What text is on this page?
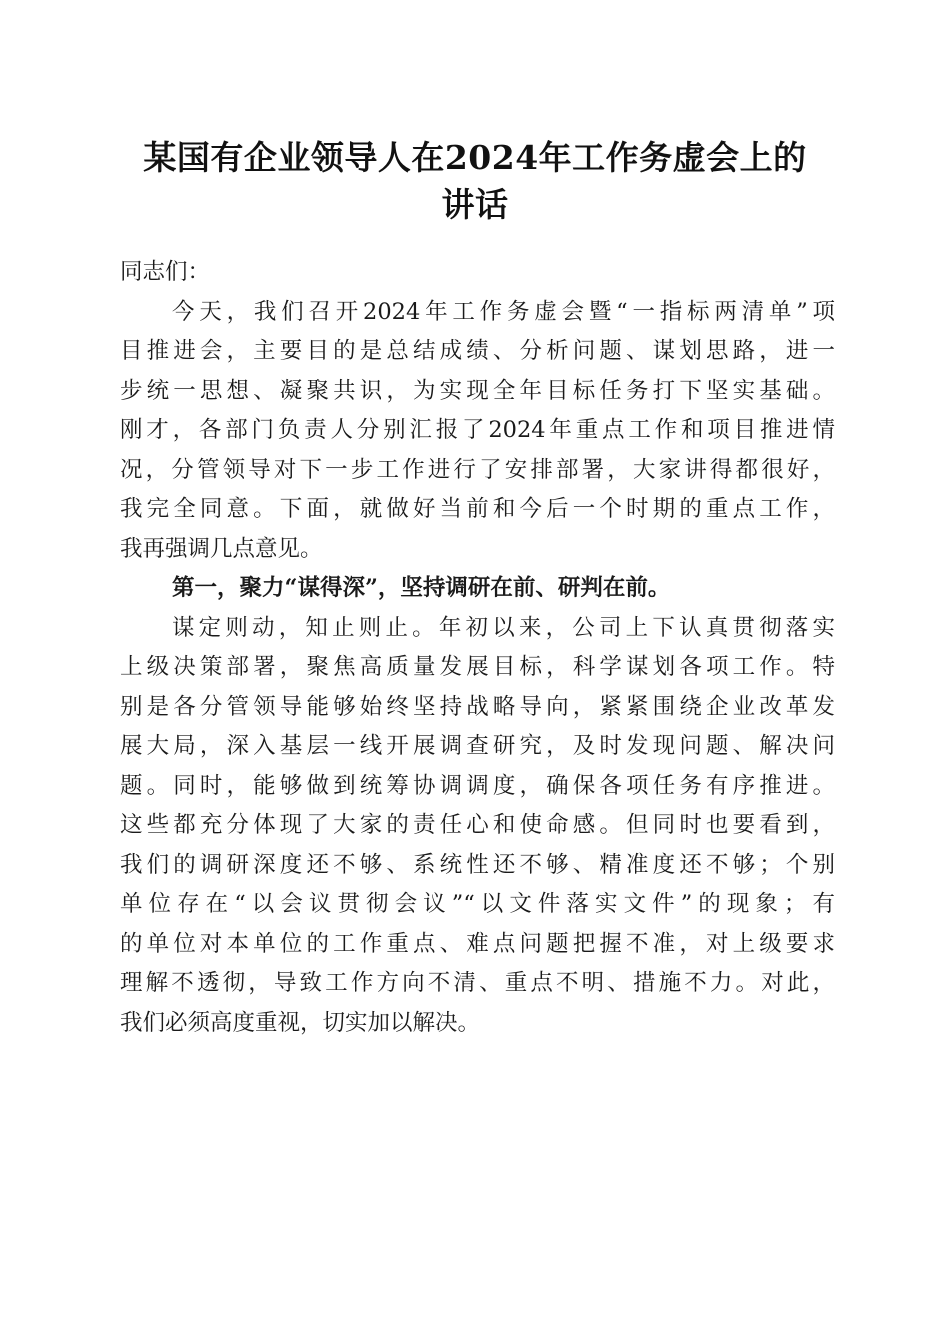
某国有企业领导人在2024年工作务虚会上的
讲话

同志们：

今天，我们召开2024年工作务虚会暨“一指标两清单”项
目推进会，主要目的是总结成绩、分析问题、谋划思路，进一
步统一思想、凝聚共识，为实现全年目标任务打下坚实基础。
刚才，各部门负责人分别汇报了2024年重点工作和项目推进情
况，分管领导对下一步工作进行了安排部署，大家讲得都很好，
我完全同意。下面，就做好当前和今后一个时期的重点工作，
我再强调几点意见。

第一，聚力“谋得深”，坚持调研在前、研判在前。

谋定则动，知止则止。年初以来，公司上下认真贯彻落实
上级决策部署，聚焦高质量发展目标，科学谋划各项工作。特
别是各分管领导能够始终坚持战略导向，紧紧围绕企业改革发
展大局，深入基层一线开展调查研究，及时发现问题、解决问
题。同时，能够做到统筹协调调度，确保各项任务有序推进。
这些都充分体现了大家的责任心和使命感。但同时也要看到，
我们的调研深度还不够、系统性还不够、精准度还不够；个别
单位存在“以会议贯彻会议”“以文件落实文件”的现象；有
的单位对本单位的工作重点、难点问题把握不准，对上级要求
理解不透彻，导致工作方向不清、重点不明、措施不力。对此，
我们必须高度重视，切实加以解决。
